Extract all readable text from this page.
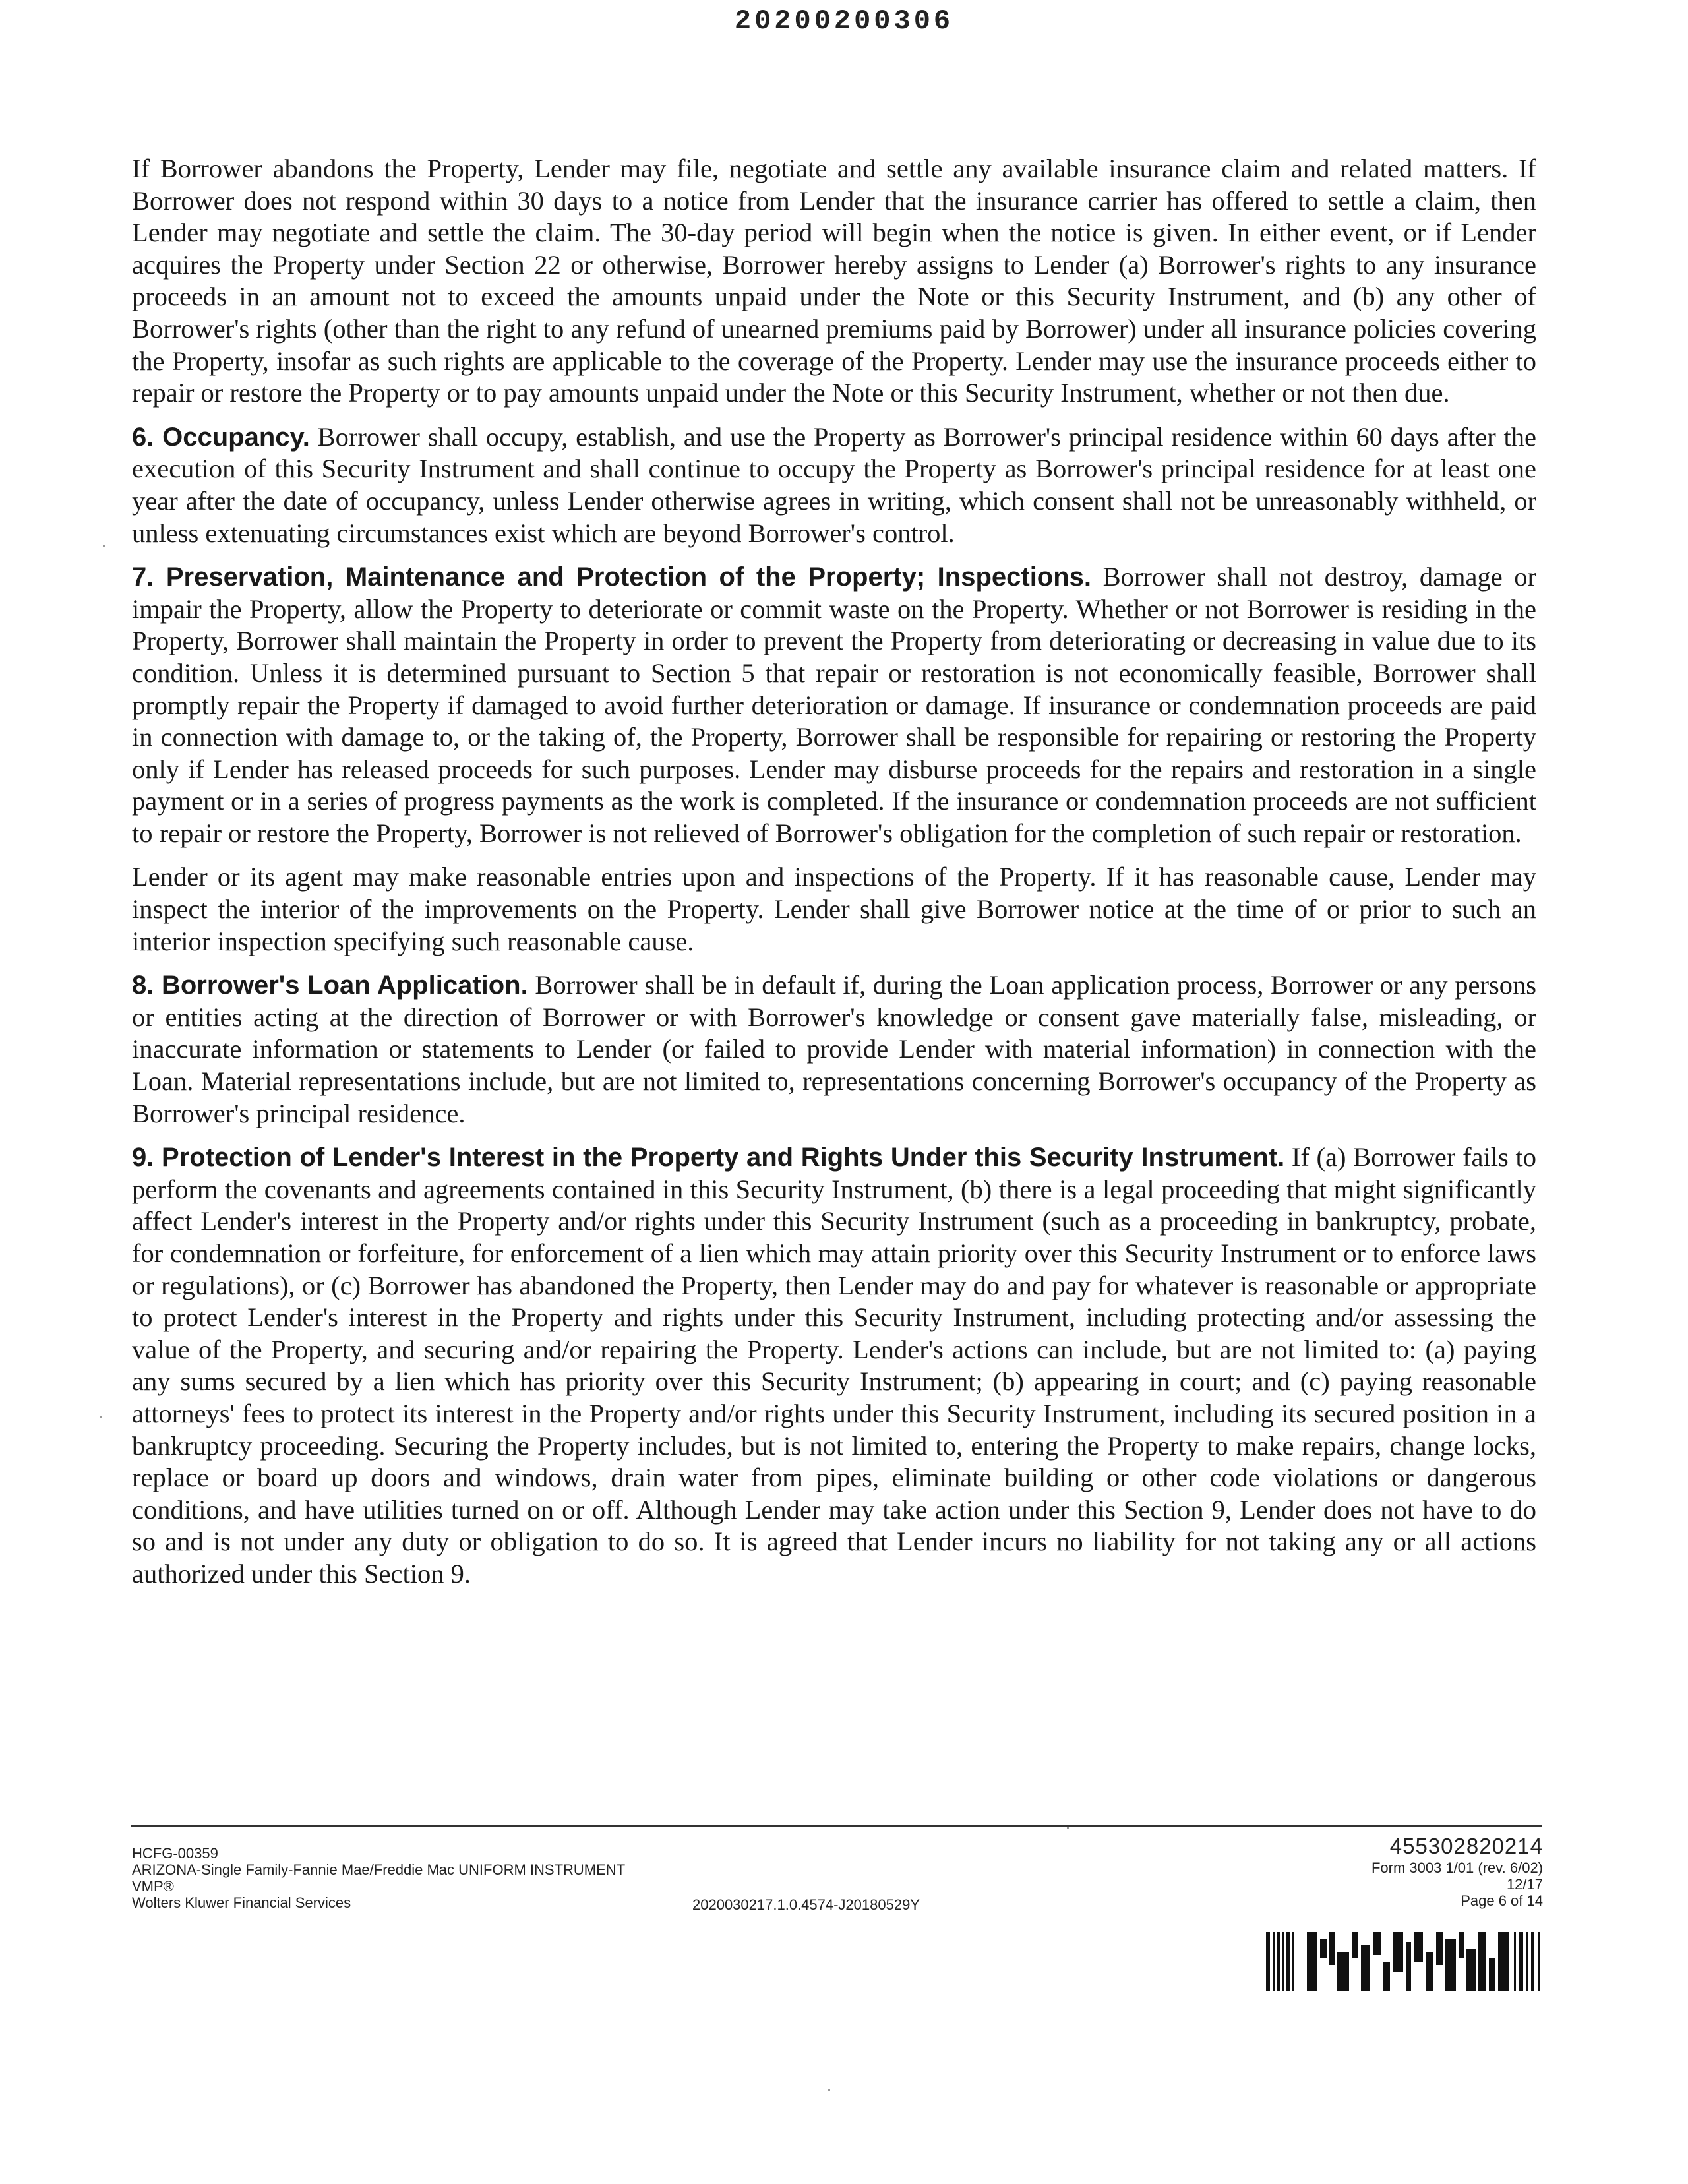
20200200306

If Borrower abandons the Property, Lender may file, negotiate and settle any available insurance claim and related matters. If Borrower does not respond within 30 days to a notice from Lender that the insurance carrier has offered to settle a claim, then Lender may negotiate and settle the claim. The 30-day period will begin when the notice is given. In either event, or if Lender acquires the Property under Section 22 or otherwise, Borrower hereby assigns to Lender (a) Borrower's rights to any insurance proceeds in an amount not to exceed the amounts unpaid under the Note or this Security Instrument, and (b) any other of Borrower's rights (other than the right to any refund of unearned premiums paid by Borrower) under all insurance policies covering the Property, insofar as such rights are applicable to the coverage of the Property. Lender may use the insurance proceeds either to repair or restore the Property or to pay amounts unpaid under the Note or this Security Instrument, whether or not then due.

6. Occupancy. Borrower shall occupy, establish, and use the Property as Borrower's principal residence within 60 days after the execution of this Security Instrument and shall continue to occupy the Property as Borrower's principal residence for at least one year after the date of occupancy, unless Lender otherwise agrees in writing, which consent shall not be unreasonably withheld, or unless extenuating circumstances exist which are beyond Borrower's control.

7. Preservation, Maintenance and Protection of the Property; Inspections. Borrower shall not destroy, damage or impair the Property, allow the Property to deteriorate or commit waste on the Property. Whether or not Borrower is residing in the Property, Borrower shall maintain the Property in order to prevent the Property from deteriorating or decreasing in value due to its condition. Unless it is determined pursuant to Section 5 that repair or restoration is not economically feasible, Borrower shall promptly repair the Property if damaged to avoid further deterioration or damage. If insurance or condemnation proceeds are paid in connection with damage to, or the taking of, the Property, Borrower shall be responsible for repairing or restoring the Property only if Lender has released proceeds for such purposes. Lender may disburse proceeds for the repairs and restoration in a single payment or in a series of progress payments as the work is completed. If the insurance or condemnation proceeds are not sufficient to repair or restore the Property, Borrower is not relieved of Borrower's obligation for the completion of such repair or restoration.

Lender or its agent may make reasonable entries upon and inspections of the Property. If it has reasonable cause, Lender may inspect the interior of the improvements on the Property. Lender shall give Borrower notice at the time of or prior to such an interior inspection specifying such reasonable cause.

8. Borrower's Loan Application. Borrower shall be in default if, during the Loan application process, Borrower or any persons or entities acting at the direction of Borrower or with Borrower's knowledge or consent gave materially false, misleading, or inaccurate information or statements to Lender (or failed to provide Lender with material information) in connection with the Loan. Material representations include, but are not limited to, representations concerning Borrower's occupancy of the Property as Borrower's principal residence.

9. Protection of Lender's Interest in the Property and Rights Under this Security Instrument. If (a) Borrower fails to perform the covenants and agreements contained in this Security Instrument, (b) there is a legal proceeding that might significantly affect Lender's interest in the Property and/or rights under this Security Instrument (such as a proceeding in bankruptcy, probate, for condemnation or forfeiture, for enforcement of a lien which may attain priority over this Security Instrument or to enforce laws or regulations), or (c) Borrower has abandoned the Property, then Lender may do and pay for whatever is reasonable or appropriate to protect Lender's interest in the Property and rights under this Security Instrument, including protecting and/or assessing the value of the Property, and securing and/or repairing the Property. Lender's actions can include, but are not limited to: (a) paying any sums secured by a lien which has priority over this Security Instrument; (b) appearing in court; and (c) paying reasonable attorneys' fees to protect its interest in the Property and/or rights under this Security Instrument, including its secured position in a bankruptcy proceeding. Securing the Property includes, but is not limited to, entering the Property to make repairs, change locks, replace or board up doors and windows, drain water from pipes, eliminate building or other code violations or dangerous conditions, and have utilities turned on or off. Although Lender may take action under this Section 9, Lender does not have to do so and is not under any duty or obligation to do so. It is agreed that Lender incurs no liability for not taking any or all actions authorized under this Section 9.

HCFG-00359
ARIZONA-Single Family-Fannie Mae/Freddie Mac UNIFORM INSTRUMENT
VMP®
Wolters Kluwer Financial Services	2020030217.1.0.4574-J20180529Y
455302820214
Form 3003 1/01 (rev. 6/02)
12/17
Page 6 of 14
